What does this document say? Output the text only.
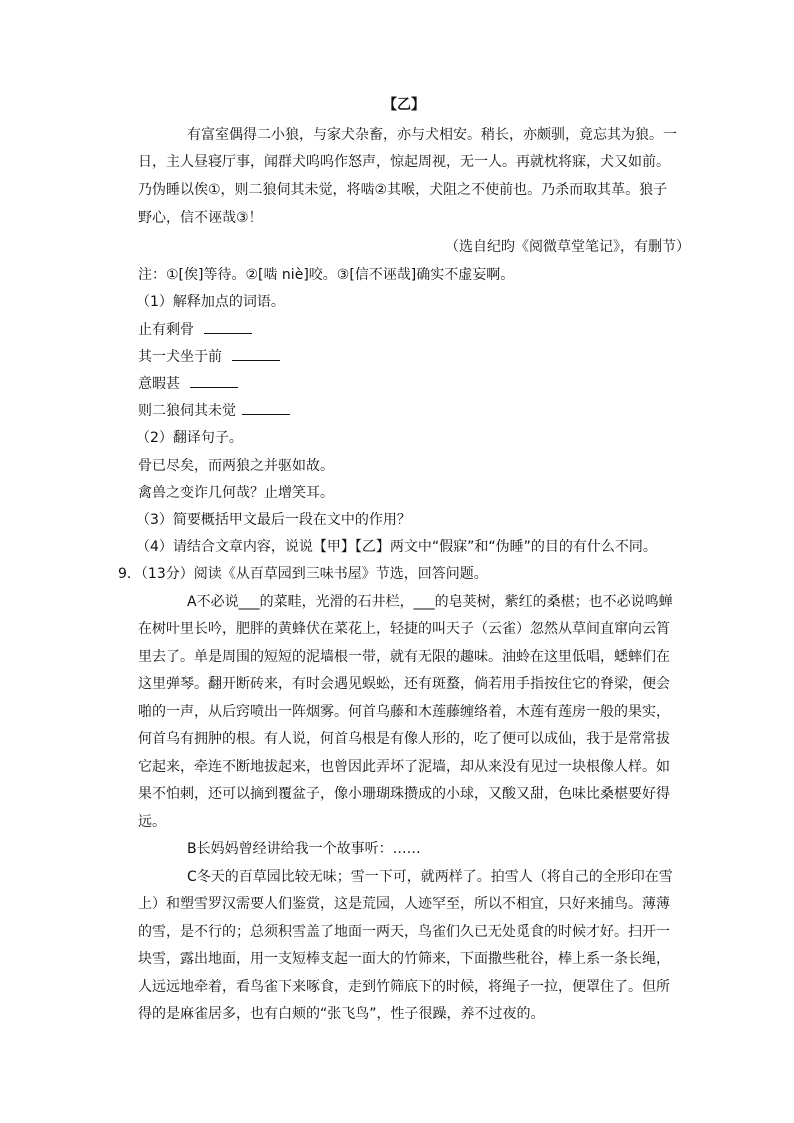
【乙】
有富室偶得二小狼，与家犬杂畜，亦与犬相安。稍长，亦颇驯，竟忘其为狼。一
日，主人昼寝厅事，闻群犬呜呜作怒声，惊起周视，无一人。再就枕将寐，犬又如前。
乃伪睡以俟①，则二狼伺其未觉，将啮②其喉，犬阻之不使前也。乃杀而取其革。狼子
野心，信不诬哉③！
（选自纪昀《阅微草堂笔记》，有删节）
注：①[俟]等待。②[啮 niè]咬。③[信不诬哉]确实不虚妄啊。
（1）解释加点的词语。
止有剩骨
其一犬坐于前
意暇甚
则二狼伺其未觉
（2）翻译句子。
骨已尽矣，而两狼之并驱如故。
禽兽之变诈几何哉？止增笑耳。
（3）简要概括甲文最后一段在文中的作用？
（4）请结合文章内容，说说【甲】【乙】两文中“假寐”和“伪睡”的目的有什么不同。
9．（13分）阅读《从百草园到三味书屋》节选，回答问题。
A不必说___的菜畦，光滑的石井栏，___的皂荚树，紫红的桑椹；也不必说鸣蝉
在树叶里长吟，肥胖的黄蜂伏在菜花上，轻捷的叫天子（云雀）忽然从草间直窜向云筲
里去了。单是周围的短短的泥墙根一带，就有无限的趣味。油蛉在这里低唱，蟋蟀们在
这里弹琴。翻开断砖来，有时会遇见蜈蚣，还有斑蝥，倘若用手指按住它的脊梁，便会
啪的一声，从后窍喷出一阵烟雾。何首乌藤和木莲藤缠络着，木莲有莲房一般的果实，
何首乌有拥肿的根。有人说，何首乌根是有像人形的，吃了便可以成仙，我于是常常拔
它起来，牵连不断地拔起来，也曾因此弄坏了泥墙，却从来没有见过一块根像人样。如
果不怕刺，还可以摘到覆盆子，像小珊瑚珠攒成的小球，又酸又甜，色味比桑椹要好得
远。
B长妈妈曾经讲给我一个故事听：……
C冬天的百草园比较无味；雪一下可，就两样了。拍雪人（将自己的全形印在雪
上）和塑雪罗汉需要人们鉴赏，这是荒园，人迹罕至，所以不相宜，只好来捕鸟。薄薄
的雪，是不行的；总须积雪盖了地面一两天，鸟雀们久已无处觅食的时候才好。扫开一
块雪，露出地面，用一支短棒支起一面大的竹筛来，下面撒些秕谷，棒上系一条长绳，
人远远地牵着，看鸟雀下来啄食，走到竹筛底下的时候，将绳子一拉，便罩住了。但所
得的是麻雀居多，也有白颊的“张飞鸟”，性子很躁，养不过夜的。
